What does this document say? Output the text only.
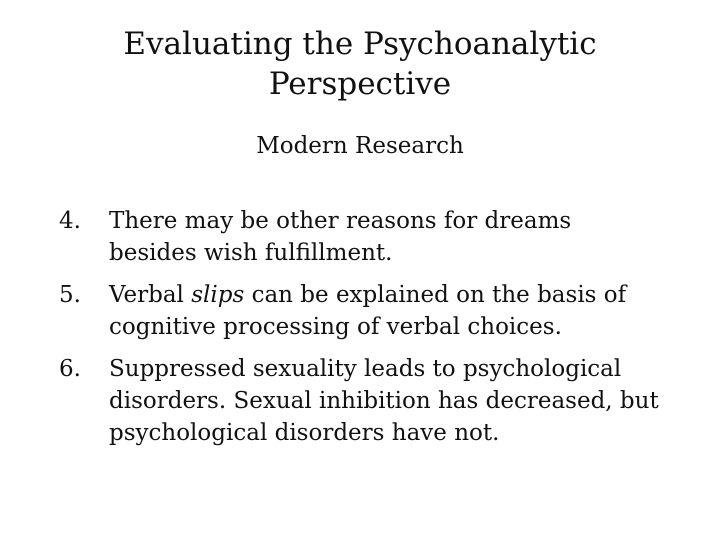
Evaluating the Psychoanalytic Perspective

Modern Research

4. There may be other reasons for dreams besides wish fulfillment.
5. Verbal slips can be explained on the basis of cognitive processing of verbal choices.
6. Suppressed sexuality leads to psychological disorders. Sexual inhibition has decreased, but psychological disorders have not.
